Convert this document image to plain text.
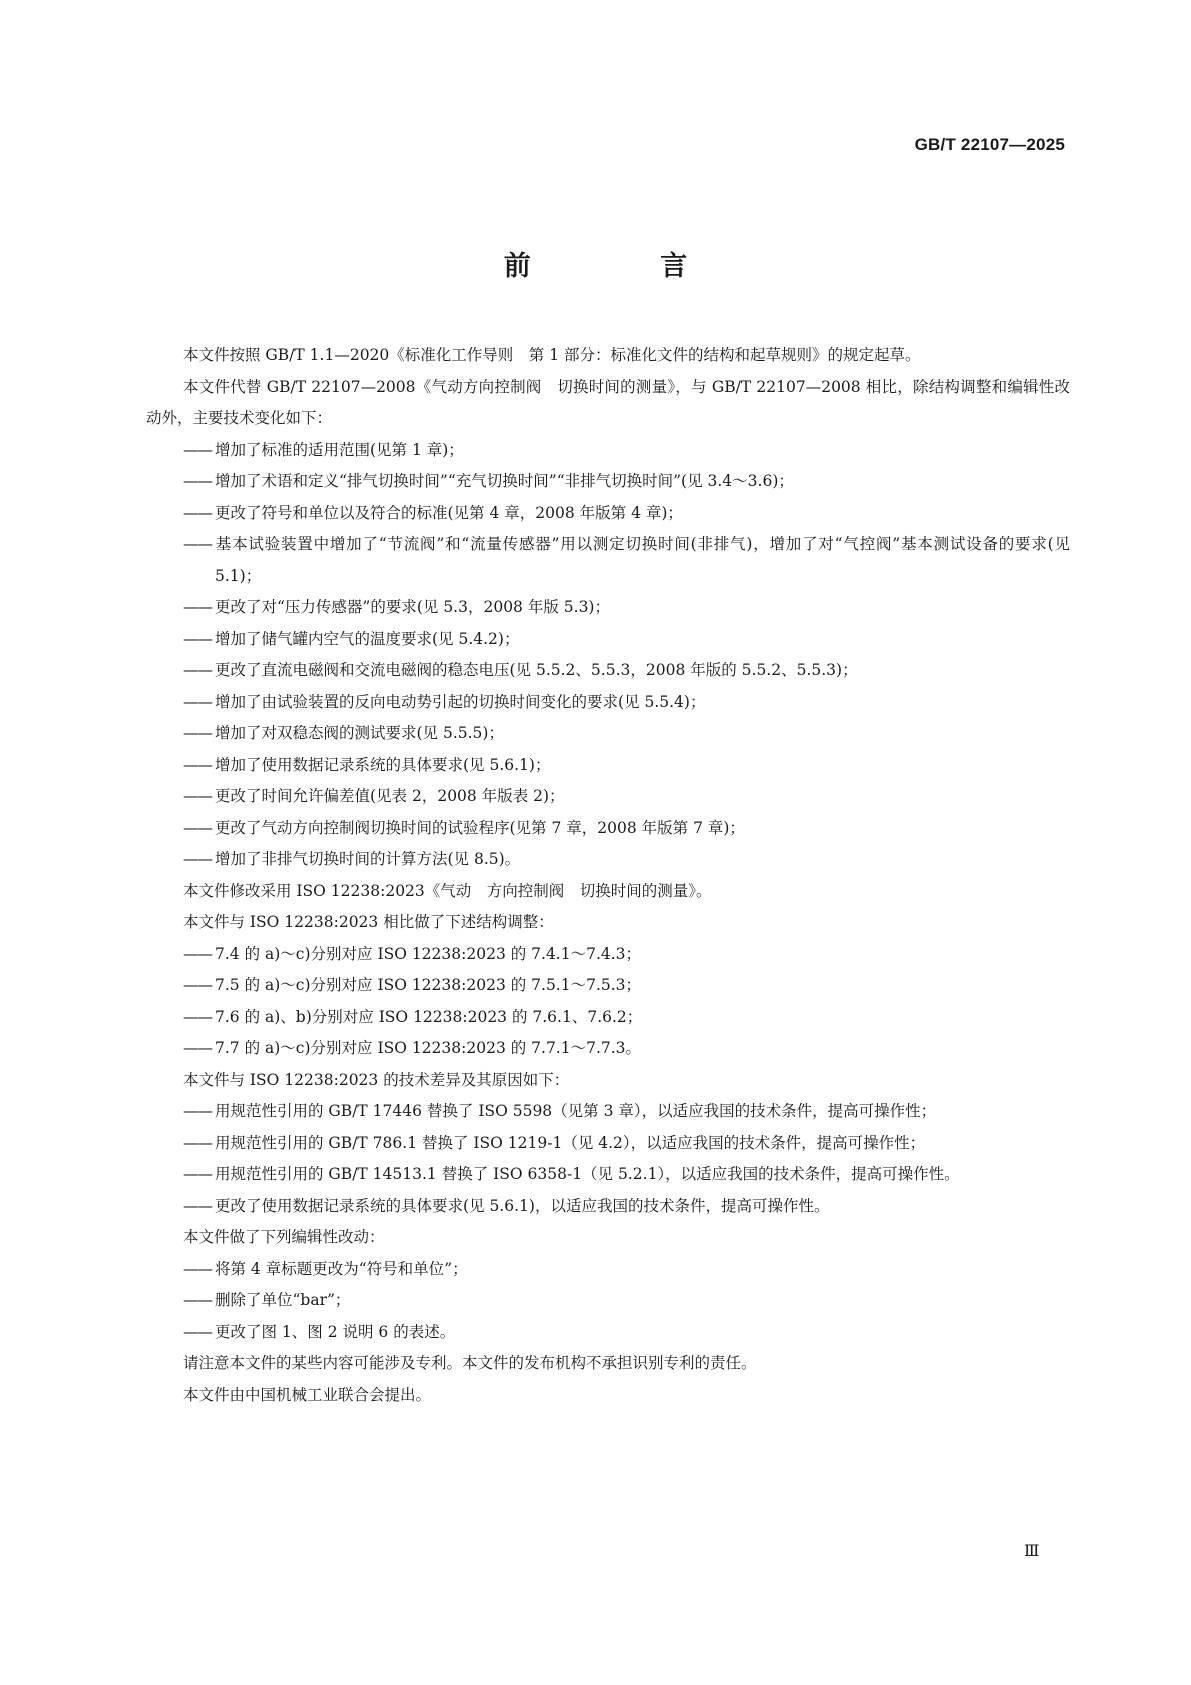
GB/T 22107—2025
前 言

本文件按照 GB/T 1.1—2020《标准化工作导则　第 1 部分：标准化文件的结构和起草规则》的规定起草。

本文件代替 GB/T 22107—2008《气动方向控制阀　切换时间的测量》，与 GB/T 22107—2008 相比，除结构调整和编辑性改动外，主要技术变化如下：

—— 增加了标准的适用范围(见第 1 章)；

—— 增加了术语和定义“排气切换时间”“充气切换时间”“非排气切换时间”(见 3.4～3.6)；

—— 更改了符号和单位以及符合的标准(见第 4 章，2008 年版第 4 章)；

—— 基本试验装置中增加了“节流阀”和“流量传感器”用以测定切换时间(非排气)，增加了对“气控阀”基本测试设备的要求(见 5.1)；

—— 更改了对“压力传感器”的要求(见 5.3，2008 年版 5.3)；

—— 增加了储气罐内空气的温度要求(见 5.4.2)；

—— 更改了直流电磁阀和交流电磁阀的稳态电压(见 5.5.2、5.5.3，2008 年版的 5.5.2、5.5.3)；

—— 增加了由试验装置的反向电动势引起的切换时间变化的要求(见 5.5.4)；

—— 增加了对双稳态阀的测试要求(见 5.5.5)；

—— 增加了使用数据记录系统的具体要求(见 5.6.1)；

—— 更改了时间允许偏差值(见表 2，2008 年版表 2)；

—— 更改了气动方向控制阀切换时间的试验程序(见第 7 章，2008 年版第 7 章)；

—— 增加了非排气切换时间的计算方法(见 8.5)。

本文件修改采用 ISO 12238:2023《气动　方向控制阀　切换时间的测量》。

本文件与 ISO 12238:2023 相比做了下述结构调整：

—— 7.4 的 a)～c)分别对应 ISO 12238:2023 的 7.4.1～7.4.3；

—— 7.5 的 a)～c)分别对应 ISO 12238:2023 的 7.5.1～7.5.3；

—— 7.6 的 a)、b)分别对应 ISO 12238:2023 的 7.6.1、7.6.2；

—— 7.7 的 a)～c)分别对应 ISO 12238:2023 的 7.7.1～7.7.3。

本文件与 ISO 12238:2023 的技术差异及其原因如下：

—— 用规范性引用的 GB/T 17446 替换了 ISO 5598（见第 3 章），以适应我国的技术条件，提高可操作性；

—— 用规范性引用的 GB/T 786.1 替换了 ISO 1219-1（见 4.2），以适应我国的技术条件，提高可操作性；

—— 用规范性引用的 GB/T 14513.1 替换了 ISO 6358-1（见 5.2.1），以适应我国的技术条件，提高可操作性。

—— 更改了使用数据记录系统的具体要求(见 5.6.1)，以适应我国的技术条件，提高可操作性。

本文件做了下列编辑性改动：

—— 将第 4 章标题更改为“符号和单位”；

—— 删除了单位“bar”；

—— 更改了图 1、图 2 说明 6 的表述。

请注意本文件的某些内容可能涉及专利。本文件的发布机构不承担识别专利的责任。

本文件由中国机械工业联合会提出。

Ⅲ
